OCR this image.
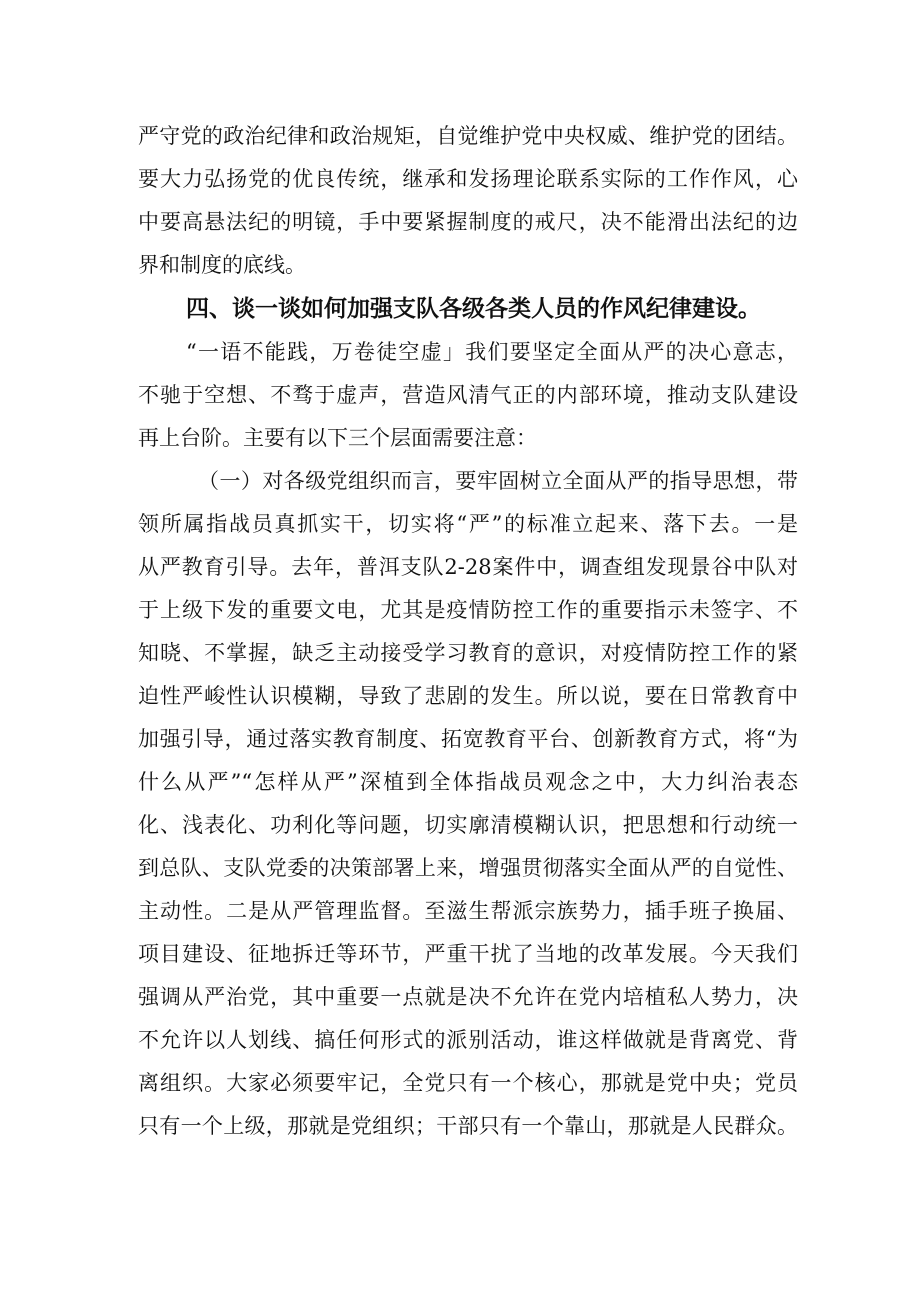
严守党的政治纪律和政治规矩，自觉维护党中央权威、维护党的团结。
要大力弘扬党的优良传统，继承和发扬理论联系实际的工作作风，心
中要高悬法纪的明镜，手中要紧握制度的戒尺，决不能滑出法纪的边
界和制度的底线。
四、谈一谈如何加强支队各级各类人员的作风纪律建设。
“一语不能践，万卷徒空虚」我们要坚定全面从严的决心意志，
不驰于空想、不骛于虚声，营造风清气正的内部环境，推动支队建设
再上台阶。主要有以下三个层面需要注意：
（一）对各级党组织而言，要牢固树立全面从严的指导思想，带
领所属指战员真抓实干，切实将“严”的标准立起来、落下去。一是
从严教育引导。去年，普洱支队2-28案件中，调查组发现景谷中队对
于上级下发的重要文电，尤其是疫情防控工作的重要指示未签字、不
知晓、不掌握，缺乏主动接受学习教育的意识，对疫情防控工作的紧
迫性严峻性认识模糊，导致了悲剧的发生。所以说，要在日常教育中
加强引导，通过落实教育制度、拓宽教育平台、创新教育方式，将“为
什么从严”“怎样从严”深植到全体指战员观念之中，大力纠治表态
化、浅表化、功利化等问题，切实廓清模糊认识，把思想和行动统一
到总队、支队党委的决策部署上来，增强贯彻落实全面从严的自觉性、
主动性。二是从严管理监督。至滋生帮派宗族势力，插手班子换届、
项目建设、征地拆迁等环节，严重干扰了当地的改革发展。今天我们
强调从严治党，其中重要一点就是决不允许在党内培植私人势力，决
不允许以人划线、搞任何形式的派别活动，谁这样做就是背离党、背
离组织。大家必须要牢记，全党只有一个核心，那就是党中央；党员
只有一个上级，那就是党组织；干部只有一个靠山，那就是人民群众。
